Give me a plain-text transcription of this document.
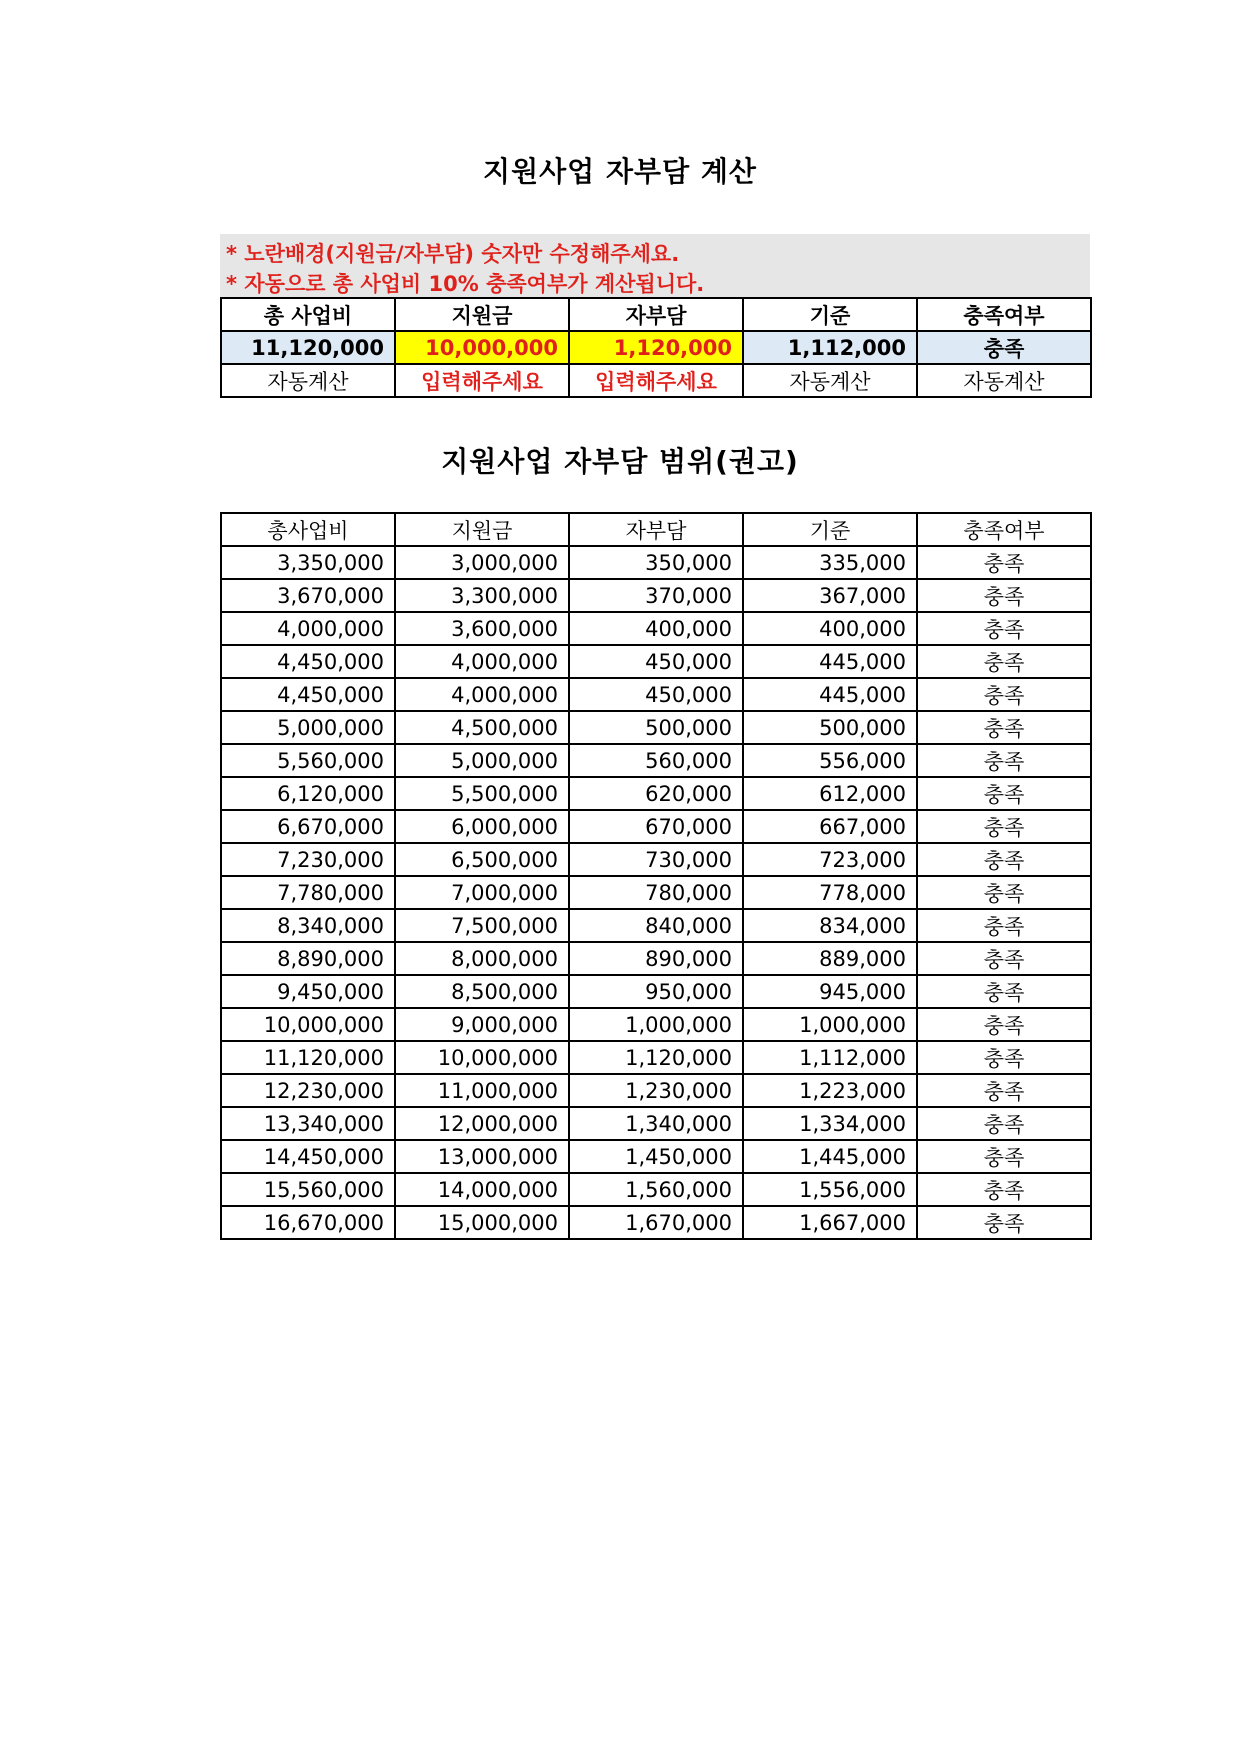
지원사업 자부담 계산
* 노란배경(지원금/자부담) 숫자만 수정해주세요.
* 자동으로 총 사업비 10% 충족여부가 계산됩니다.
총 사업비	지원금	자부담	기준	충족여부
11,120,000	10,000,000	1,120,000	1,112,000	충족
자동계산	입력해주세요	입력해주세요	자동계산	자동계산
지원사업 자부담 범위(권고)
총사업비	지원금	자부담	기준	충족여부
3,350,000	3,000,000	350,000	335,000	충족
3,670,000	3,300,000	370,000	367,000	충족
4,000,000	3,600,000	400,000	400,000	충족
4,450,000	4,000,000	450,000	445,000	충족
4,450,000	4,000,000	450,000	445,000	충족
5,000,000	4,500,000	500,000	500,000	충족
5,560,000	5,000,000	560,000	556,000	충족
6,120,000	5,500,000	620,000	612,000	충족
6,670,000	6,000,000	670,000	667,000	충족
7,230,000	6,500,000	730,000	723,000	충족
7,780,000	7,000,000	780,000	778,000	충족
8,340,000	7,500,000	840,000	834,000	충족
8,890,000	8,000,000	890,000	889,000	충족
9,450,000	8,500,000	950,000	945,000	충족
10,000,000	9,000,000	1,000,000	1,000,000	충족
11,120,000	10,000,000	1,120,000	1,112,000	충족
12,230,000	11,000,000	1,230,000	1,223,000	충족
13,340,000	12,000,000	1,340,000	1,334,000	충족
14,450,000	13,000,000	1,450,000	1,445,000	충족
15,560,000	14,000,000	1,560,000	1,556,000	충족
16,670,000	15,000,000	1,670,000	1,667,000	충족
